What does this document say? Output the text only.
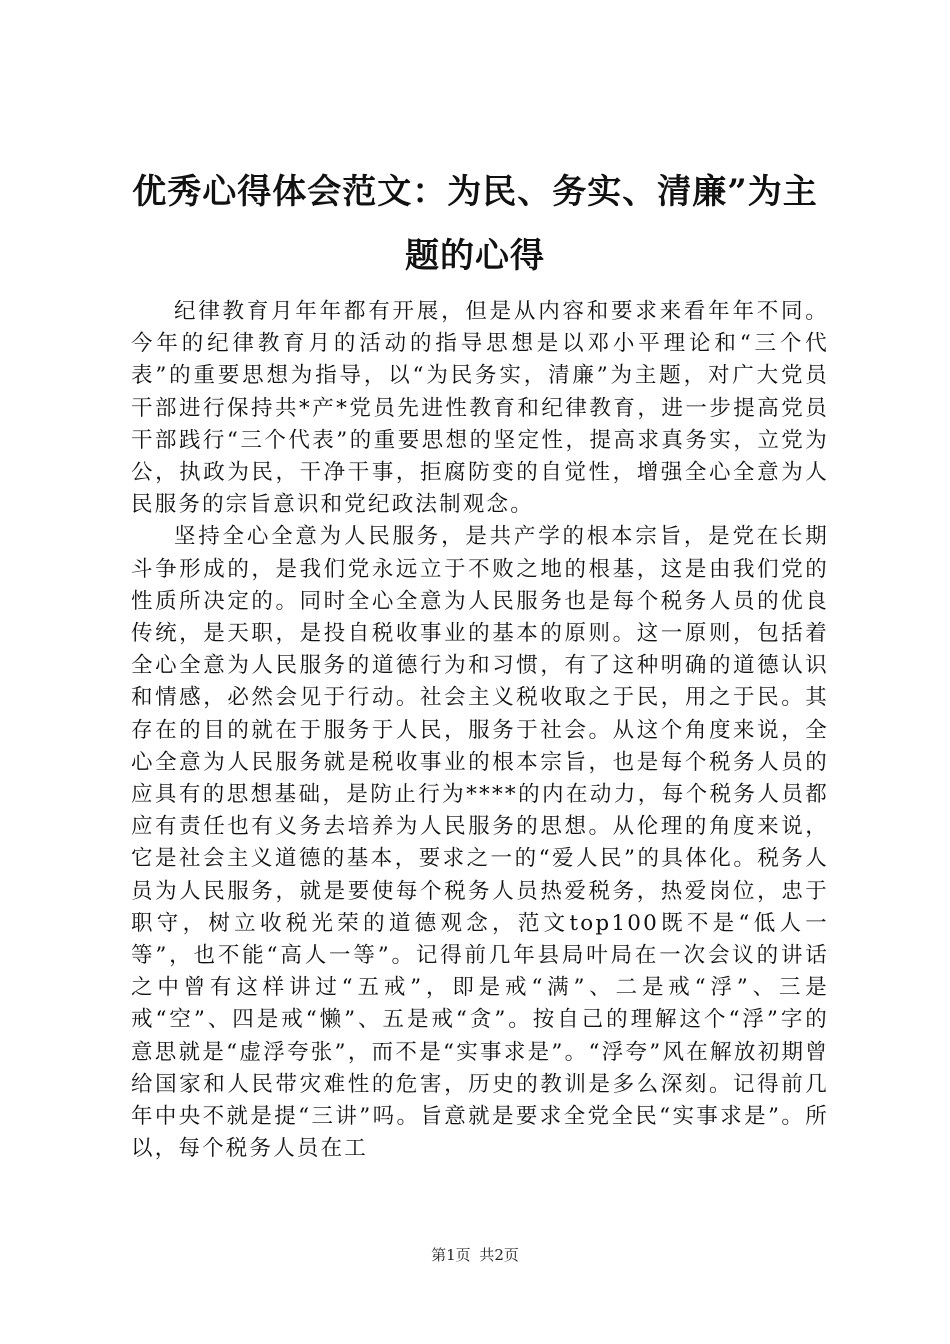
优秀心得体会范文：为民、务实、清廉”为主题的心得

纪律教育月年年都有开展，但是从内容和要求来看年年不同。今年的纪律教育月的活动的指导思想是以邓小平理论和“三个代表”的重要思想为指导，以“为民务实，清廉”为主题，对广大党员干部进行保持共*产*党员先进性教育和纪律教育，进一步提高党员干部践行“三个代表”的重要思想的坚定性，提高求真务实，立党为公，执政为民，干净干事，拒腐防变的自觉性，增强全心全意为人民服务的宗旨意识和党纪政法制观念。

坚持全心全意为人民服务，是共产学的根本宗旨，是党在长期斗争形成的，是我们党永远立于不败之地的根基，这是由我们党的性质所决定的。同时全心全意为人民服务也是每个税务人员的优良传统，是天职，是投自税收事业的基本的原则。这一原则，包括着全心全意为人民服务的道德行为和习惯，有了这种明确的道德认识和情感，必然会见于行动。社会主义税收取之于民，用之于民。其存在的目的就在于服务于人民，服务于社会。从这个角度来说，全心全意为人民服务就是税收事业的根本宗旨，也是每个税务人员的应具有的思想基础，是防止行为****的内在动力，每个税务人员都应有责任也有义务去培养为人民服务的思想。从伦理的角度来说，它是社会主义道德的基本，要求之一的“爱人民”的具体化。税务人员为人民服务，就是要使每个税务人员热爱税务，热爱岗位，忠于职守，树立收税光荣的道德观念，范文top100既不是“低人一等”，也不能“高人一等”。记得前几年县局叶局在一次会议的讲话之中曾有这样讲过“五戒”，即是戒“满”、二是戒“浮”、三是戒“空”、四是戒“懒”、五是戒“贪”。按自己的理解这个“浮”字的意思就是“虚浮夸张”，而不是“实事求是”。“浮夸”风在解放初期曾给国家和人民带灾难性的危害，历史的教训是多么深刻。记得前几年中央不就是提“三讲”吗。旨意就是要求全党全民“实事求是”。所以，每个税务人员在工

第1页 共2页
